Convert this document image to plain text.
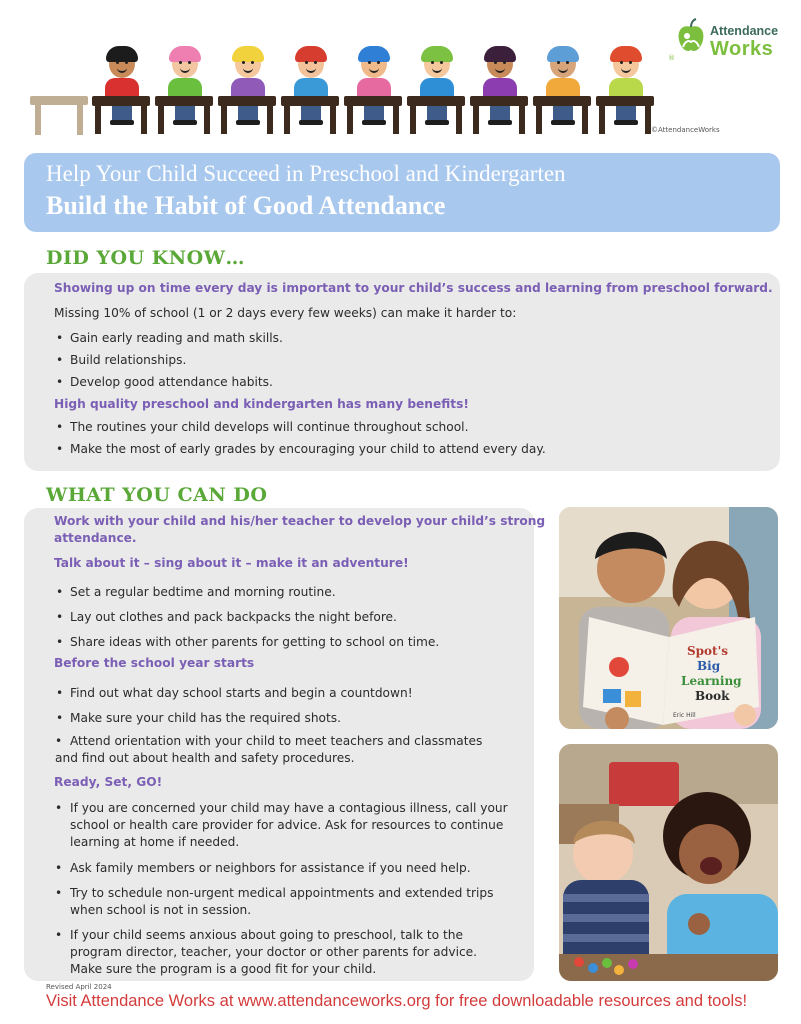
©AttendanceWorks
Attendance
Works
®
Help Your Child Succeed in Preschool and Kindergarten
Build the Habit of Good Attendance
DID YOU KNOW…
Showing up on time every day is important to your child’s success and learning from preschool forward.
Missing 10% of school (1 or 2 days every few weeks) can make it harder to:
• Gain early reading and math skills.
• Build relationships.
• Develop good attendance habits.
High quality preschool and kindergarten has many benefits!
• The routines your child develops will continue throughout school.
• Make the most of early grades by encouraging your child to attend every day.
WHAT YOU CAN DO
Work with your child and his/her teacher to develop your child’s strong
attendance.
Talk about it – sing about it – make it an adventure!
• Set a regular bedtime and morning routine.
• Lay out clothes and pack backpacks the night before.
• Share ideas with other parents for getting to school on time.
Before the school year starts
• Find out what day school starts and begin a countdown!
• Make sure your child has the required shots.
•  Attend orientation with your child to meet teachers and classmates
and find out about health and safety procedures.
Ready, Set, GO!
• If you are concerned your child may have a contagious illness, call your
school or health care provider for advice. Ask for resources to continue
learning at home if needed.
• Ask family members or neighbors for assistance if you need help.
• Try to schedule non-urgent medical appointments and extended trips
when school is not in session.
• If your child seems anxious about going to preschool, talk to the
program director, teacher, your doctor or other parents for advice.
Make sure the program is a good fit for your child.
Spot's
Big
Learning
Book
Eric Hill
Revised April 2024
Visit Attendance Works at www.attendanceworks.org for free downloadable resources and tools!
